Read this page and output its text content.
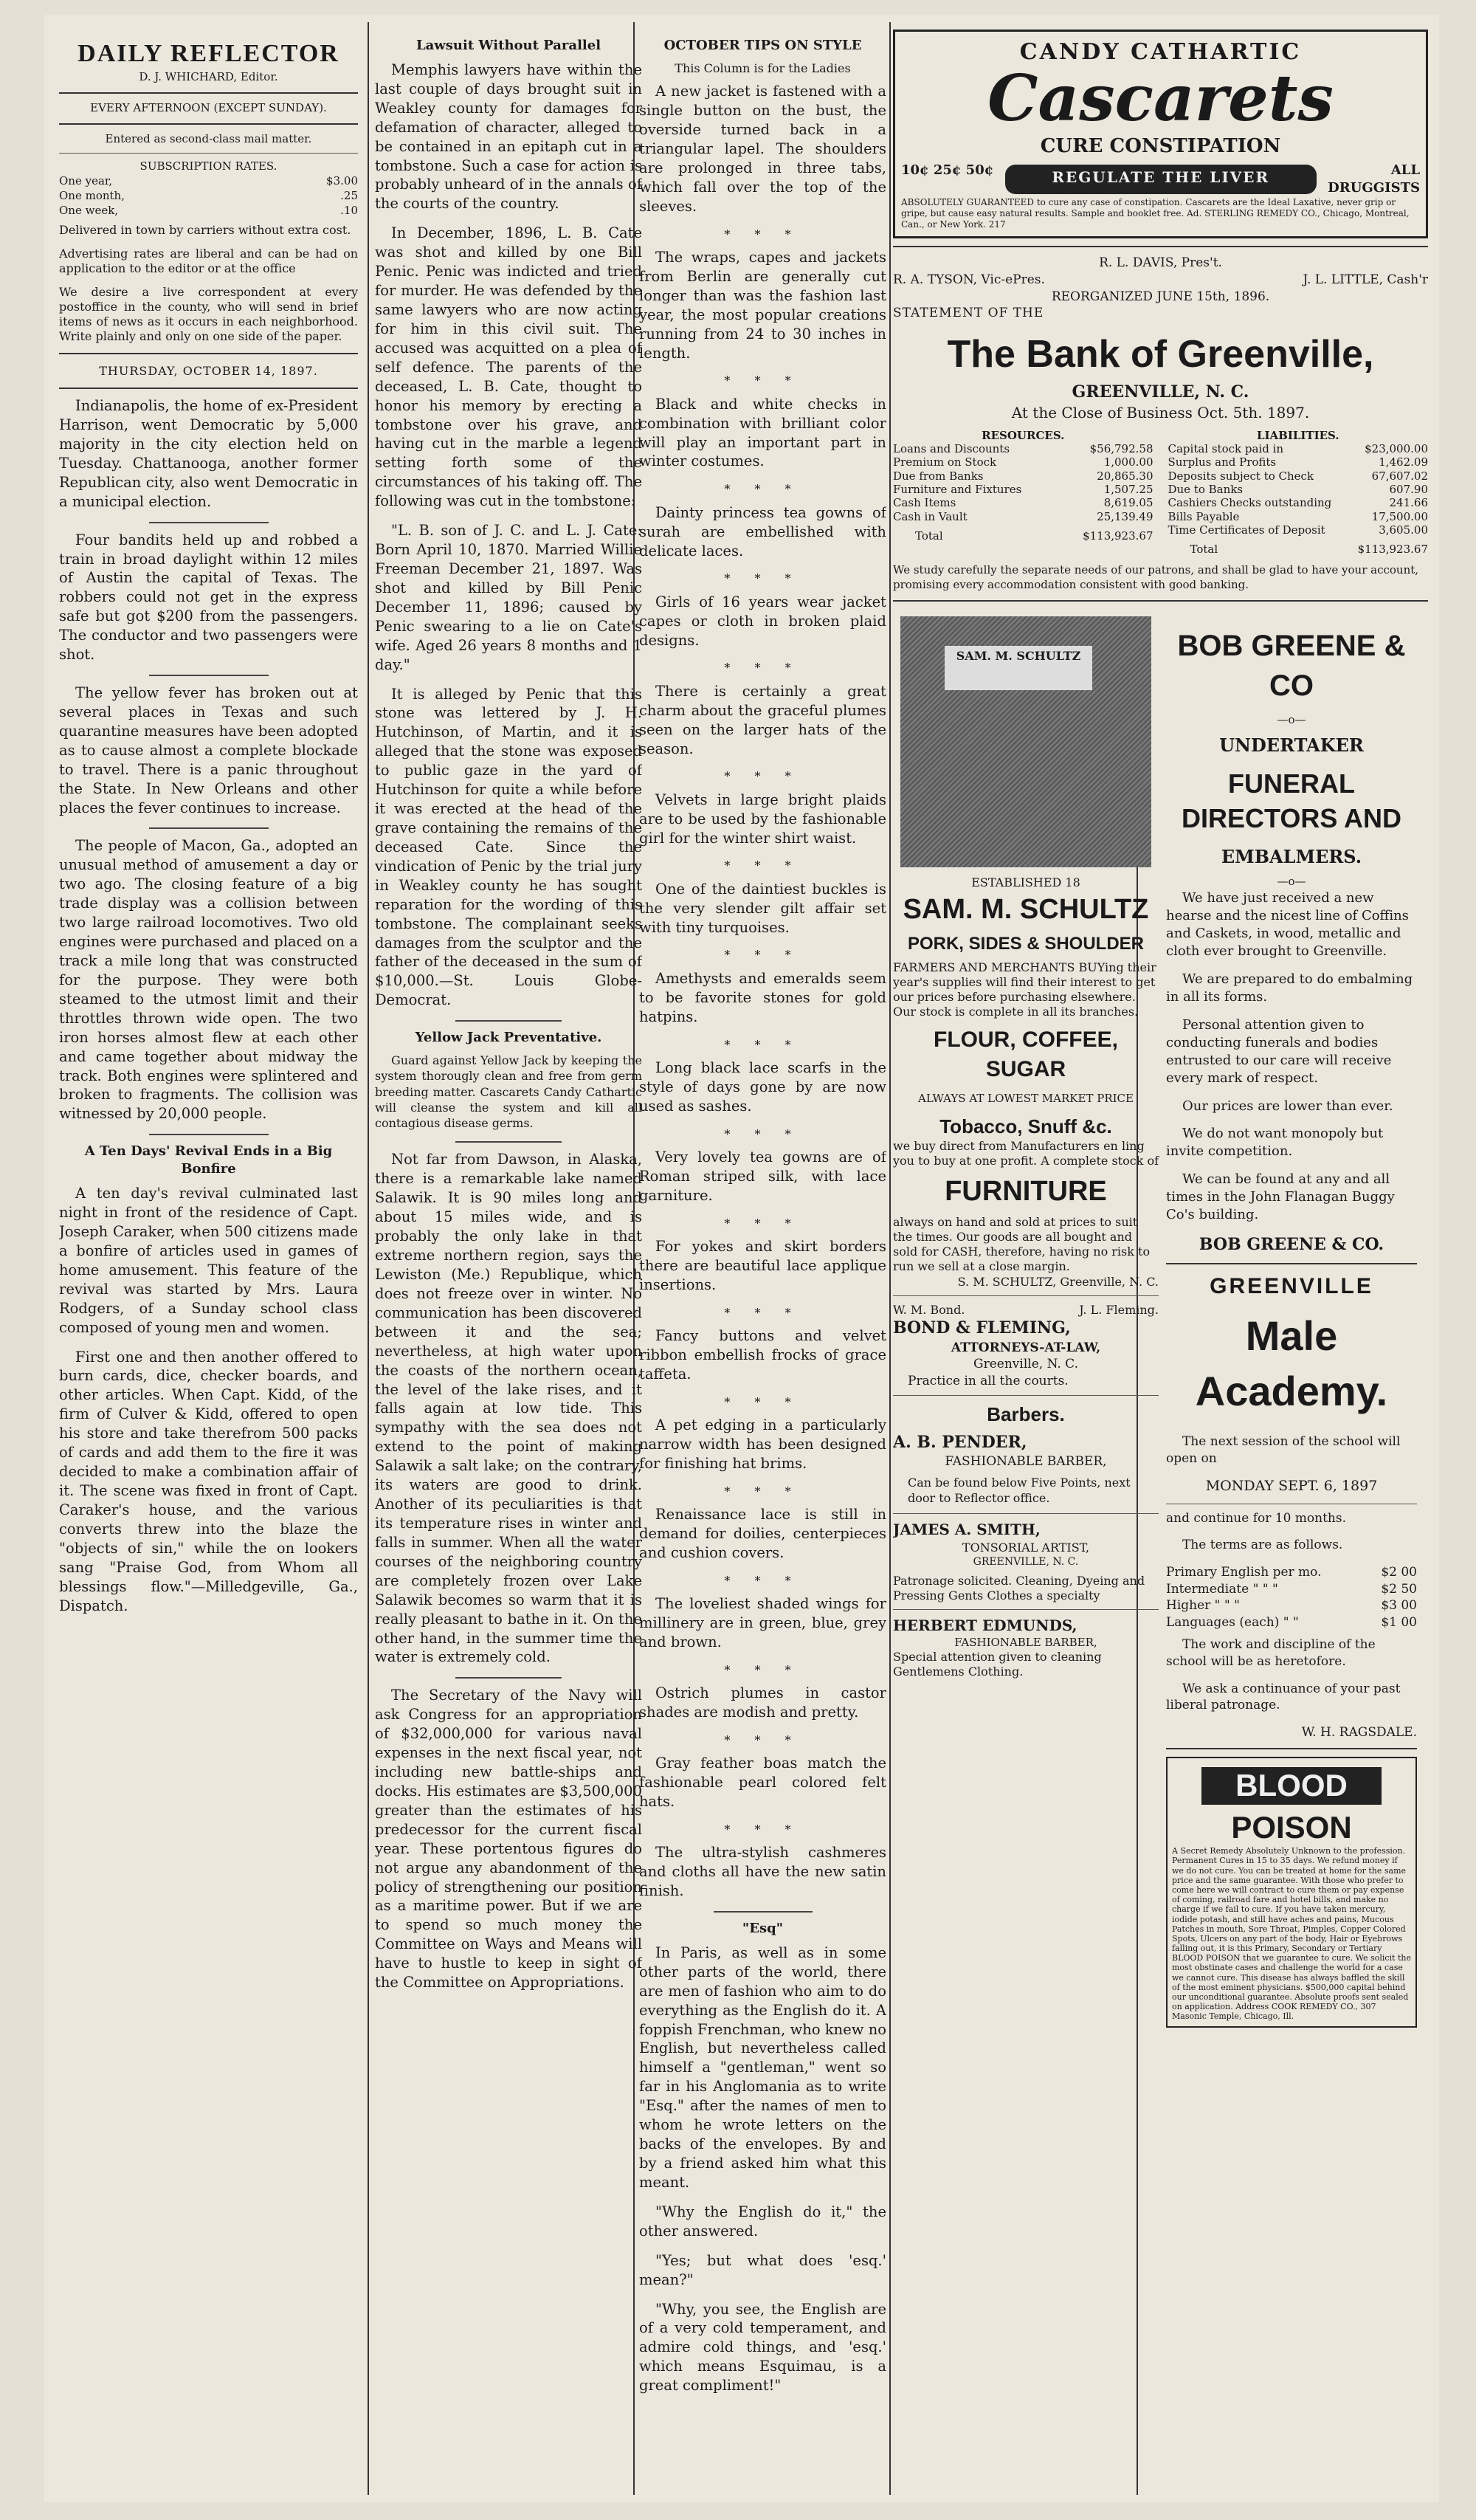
DAILY REFLECTOR
D. J. WHICHARD, Editor.
EVERY AFTERNOON (EXCEPT SUNDAY).
Entered as second-class mail matter.
SUBSCRIPTION RATES.
One year,	$3.00
One month,	.25
One week,	.10
Delivered in town by carriers without extra cost.
Advertising rates are liberal and can be had on application to the editor or at the office
We desire a live correspondent at every postoffice in the county, who will send in brief items of news as it occurs in each neighborhood. Write plainly and only on one side of the paper.
THURSDAY, OCTOBER 14, 1897.

Indianapolis, the home of ex-President Harrison, went Democratic by 5,000 majority in the city election held on Tuesday. Chattanooga, another former Republican city, also went Democratic in a municipal election.

Four bandits held up and robbed a train in broad daylight within 12 miles of Austin the capital of Texas. The robbers could not get in the express safe but got $200 from the passengers. The conductor and two passengers were shot.

The yellow fever has broken out at several places in Texas and such quarantine measures have been adopted as to cause almost a complete blockade to travel. There is a panic throughout the State. In New Orleans and other places the fever continues to increase.

The people of Macon, Ga., adopted an unusual method of amusement a day or two ago. The closing feature of a big trade display was a collision between two large railroad locomotives. Two old engines were purchased and placed on a track a mile long that was constructed for the purpose. They were both steamed to the utmost limit and their throttles thrown wide open. The two iron horses almost flew at each other and came together about midway the track. Both engines were splintered and broken to fragments. The collision was witnessed by 20,000 people.

A Ten Days' Revival Ends in a Big Bonfire

A ten day's revival culminated last night in front of the residence of Capt. Joseph Caraker, when 500 citizens made a bonfire of articles used in games of home amusement. This feature of the revival was started by Mrs. Laura Rodgers, of a Sunday school class composed of young men and women.

First one and then another offered to burn cards, dice, checker boards, and other articles. When Capt. Kidd, of the firm of Culver & Kidd, offered to open his store and take therefrom 500 packs of cards and add them to the fire it was decided to make a combination affair of it. The scene was fixed in front of Capt. Caraker's house, and the various converts threw into the blaze the "objects of sin," while the on lookers sang "Praise God, from Whom all blessings flow."—Milledgeville, Ga., Dispatch.

Lawsuit Without Parallel

Memphis lawyers have within the last couple of days brought suit in Weakley county for damages for defamation of character, alleged to be contained in an epitaph cut in a tombstone. Such a case for action is probably unheard of in the annals of the courts of the country.

In December, 1896, L. B. Cate was shot and killed by one Bill Penic. Penic was indicted and tried for murder. He was defended by the same lawyers who are now acting for him in this civil suit. The accused was acquitted on a plea of self defence. The parents of the deceased, L. B. Cate, thought to honor his memory by erecting a tombstone over his grave, and having cut in the marble a legend setting forth some of the circumstances of his taking off. The following was cut in the tombstone:

"L. B. son of J. C. and L. J. Cate: Born April 10, 1870. Married Willie Freeman December 21, 1897. Was shot and killed by Bill Penic December 11, 1896; caused by Penic swearing to a lie on Cate's wife. Aged 26 years 8 months and 1 day."

It is alleged by Penic that this stone was lettered by J. H. Hutchinson, of Martin, and it is alleged that the stone was exposed to public gaze in the yard of Hutchinson for quite a while before it was erected at the head of the grave containing the remains of the deceased Cate. Since the vindication of Penic by the trial jury in Weakley county he has sought reparation for the wording of this tombstone. The complainant seeks damages from the sculptor and the father of the deceased in the sum of $10,000.—St. Louis Globe-Democrat.

Yellow Jack Preventative.

Guard against Yellow Jack by keeping the system thorougly clean and free from germ breeding matter. Cascarets Candy Cathartic will cleanse the system and kill all contagious disease germs.

Not far from Dawson, in Alaska, there is a remarkable lake named Salawik. It is 90 miles long and about 15 miles wide, and is probably the only lake in that extreme northern region, says the Lewiston (Me.) Republique, which does not freeze over in winter. No communication has been discovered between it and the sea; nevertheless, at high water upon the coasts of the northern ocean, the level of the lake rises, and it falls again at low tide. This sympathy with the sea does not extend to the point of making Salawik a salt lake; on the contrary, its waters are good to drink. Another of its peculiarities is that its temperature rises in winter and falls in summer. When all the water courses of the neighboring country are completely frozen over Lake Salawik becomes so warm that it is really pleasant to bathe in it. On the other hand, in the summer time the water is extremely cold.

The Secretary of the Navy will ask Congress for an appropriation of $32,000,000 for various naval expenses in the next fiscal year, not including new battle-ships and docks. His estimates are $3,500,000 greater than the estimates of his predecessor for the current fiscal year. These portentous figures do not argue any abandonment of the policy of strengthening our position as a maritime power. But if we are to spend so much money the Committee on Ways and Means will have to hustle to keep in sight of the Committee on Appropriations.

OCTOBER TIPS ON STYLE
This Column is for the Ladies

A new jacket is fastened with a single button on the bust, the overside turned back in a triangular lapel. The shoulders are prolonged in three tabs, which fall over the top of the sleeves.

* * *

The wraps, capes and jackets from Berlin are generally cut longer than was the fashion last year, the most popular creations running from 24 to 30 inches in length.

* * *

Black and white checks in combination with brilliant color will play an important part in winter costumes.

* * *

Dainty princess tea gowns of surah are embellished with delicate laces.

* * *

Girls of 16 years wear jacket capes or cloth in broken plaid designs.

* * *

There is certainly a great charm about the graceful plumes seen on the larger hats of the season.

* * *

Velvets in large bright plaids are to be used by the fashionable girl for the winter shirt waist.

* * *

One of the daintiest buckles is the very slender gilt affair set with tiny turquoises.

* * *

Amethysts and emeralds seem to be favorite stones for gold hatpins.

* * *

Long black lace scarfs in the style of days gone by are now used as sashes.

* * *

Very lovely tea gowns are of Roman striped silk, with lace garniture.

* * *

For yokes and skirt borders there are beautiful lace applique insertions.

* * *

Fancy buttons and velvet ribbon embellish frocks of grace taffeta.

* * *

A pet edging in a particularly narrow width has been designed for finishing hat brims.

* * *

Renaissance lace is still in demand for doilies, centerpieces and cushion covers.

* * *

The loveliest shaded wings for millinery are in green, blue, grey and brown.

* * *

Ostrich plumes in castor shades are modish and pretty.

* * *

Gray feather boas match the fashionable pearl colored felt hats.

* * *

The ultra-stylish cashmeres and cloths all have the new satin finish.

"Esq"

In Paris, as well as in some other parts of the world, there are men of fashion who aim to do everything as the English do it. A foppish Frenchman, who knew no English, but nevertheless called himself a "gentleman," went so far in his Anglomania as to write "Esq." after the names of men to whom he wrote letters on the backs of the envelopes. By and by a friend asked him what this meant.

"Why the English do it," the other answered.

"Yes; but what does 'esq.' mean?"

"Why, you see, the English are of a very cold temperament, and admire cold things, and 'esq.' which means Esquimau, is a great compliment!"

CANDY CATHARTIC
Cascarets
CURE CONSTIPATION
10¢ 25¢ 50¢	REGULATE THE LIVER	ALL
DRUGGISTS
ABSOLUTELY GUARANTEED to cure any case of constipation. Cascarets are the Ideal Laxative, never grip or gripe, but cause easy natural results. Sample and booklet free. Ad. STERLING REMEDY CO., Chicago, Montreal, Can., or New York. 217
R. L. DAVIS, Pres't.
R. A. TYSON, Vic-ePres.	J. L. LITTLE, Cash'r
REORGANIZED JUNE 15th, 1896.
STATEMENT OF THE
The Bank of Greenville,
GREENVILLE, N. C.
At the Close of Business Oct. 5th. 1897.
RESOURCES.
Loans and Discounts	$56,792.58
Premium on Stock	1,000.00
Due from Banks	20,865.30
Furniture and Fixtures	1,507.25
Cash Items	8,619.05
Cash in Vault	25,139.49
Total	$113,923.67
LIABILITIES.
Capital stock paid in	$23,000.00
Surplus and Profits	1,462.09
Deposits subject to Check	67,607.02
Due to Banks	607.90
Cashiers Checks outstanding	241.66
Bills Payable	17,500.00
Time Certificates of Deposit	3,605.00
Total	$113,923.67
We study carefully the separate needs of our patrons, and shall be glad to have your account, promising every accommodation consistent with good banking.
SAM. M. SCHULTZ
ESTABLISHED 18
SAM. M. SCHULTZ
PORK, SIDES & SHOULDER
FARMERS AND MERCHANTS BUYing their year's supplies will find their interest to get our prices before purchasing elsewhere. Our stock is complete in all its branches.
FLOUR, COFFEE, SUGAR
ALWAYS AT LOWEST MARKET PRICE
Tobacco, Snuff &c.
we buy direct from Manufacturers en ling you to buy at one profit. A complete stock of
FURNITURE
always on hand and sold at prices to suit the times. Our goods are all bought and sold for CASH, therefore, having no risk to run we sell at a close margin.
S. M. SCHULTZ, Greenville, N. C.
W. M. Bond.	J. L. Fleming.
BOND & FLEMING,
ATTORNEYS-AT-LAW,
Greenville, N. C.
Practice in all the courts.
Barbers.
A. B. PENDER,
FASHIONABLE BARBER,
Can be found below Five Points, next door to Reflector office.
JAMES A. SMITH,
TONSORIAL ARTIST,
GREENVILLE, N. C.
Patronage solicited. Cleaning, Dyeing and Pressing Gents Clothes a specialty
HERBERT EDMUNDS,
FASHIONABLE BARBER,
Special attention given to cleaning Gentlemens Clothing.
BOB GREENE & CO
—o—
UNDERTAKER
FUNERAL DIRECTORS AND
EMBALMERS.
—o—

We have just received a new hearse and the nicest line of Coffins and Caskets, in wood, metallic and cloth ever brought to Greenville.

We are prepared to do embalming in all its forms.

Personal attention given to conducting funerals and bodies entrusted to our care will receive every mark of respect.

Our prices are lower than ever.

We do not want monopoly but invite competition.

We can be found at any and all times in the John Flanagan Buggy Co's building.

BOB GREENE & CO.
GREENVILLE
Male Academy.

The next session of the school will open on

MONDAY SEPT. 6, 1897

and continue for 10 months.

The terms are as follows.

Primary English per mo.	$2 00
Intermediate " " "	$2 50
Higher " " "	$3 00
Languages (each) " "	$1 00

The work and discipline of the school will be as heretofore.

We ask a continuance of your past liberal patronage.

W. H. RAGSDALE.
BLOOD
POISON
A Secret Remedy Absolutely Unknown to the profession. Permanent Cures in 15 to 35 days. We refund money if we do not cure. You can be treated at home for the same price and the same guarantee. With those who prefer to come here we will contract to cure them or pay expense of coming, railroad fare and hotel bills, and make no charge if we fail to cure. If you have taken mercury, iodide potash, and still have aches and pains, Mucous Patches in mouth, Sore Throat, Pimples, Copper Colored Spots, Ulcers on any part of the body, Hair or Eyebrows falling out, it is this Primary, Secondary or Tertiary BLOOD POISON that we guarantee to cure. We solicit the most obstinate cases and challenge the world for a case we cannot cure. This disease has always baffled the skill of the most eminent physicians. $500,000 capital behind our unconditional guarantee. Absolute proofs sent sealed on application. Address COOK REMEDY CO., 307 Masonic Temple, Chicago, Ill.
